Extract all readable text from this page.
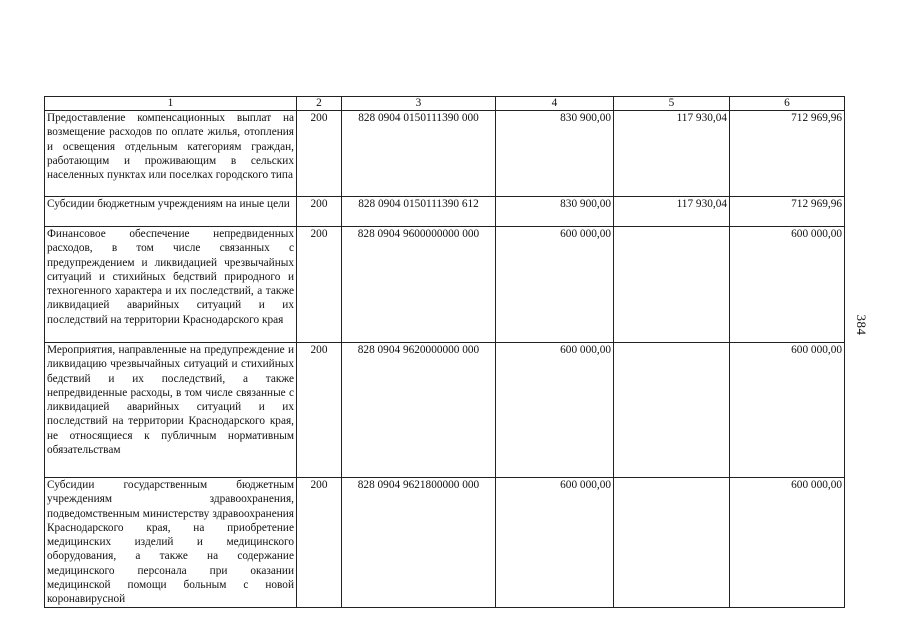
1	2	3	4	5	6
Предоставление компенсационных выплат на возмещение расходов по оплате жилья, отопления и освещения отдельным категориям граждан, работающим и проживающим в сельских населенных пунктах или поселках городского типа	200	828 0904 0150111390 000	830 900,00	117 930,04	712 969,96
Субсидии бюджетным учреждениям на иные цели	200	828 0904 0150111390 612	830 900,00	117 930,04	712 969,96
Финансовое обеспечение непредвиденных расходов, в том числе связанных с предупреждением и ликвидацией чрезвычайных ситуаций и стихийных бедствий природного и техногенного характера и их последствий, а также ликвидацией аварийных ситуаций и их последствий на территории Краснодарского края	200	828 0904 9600000000 000	600 000,00		600 000,00
Мероприятия, направленные на предупреждение и ликвидацию чрезвычайных ситуаций и стихийных бедствий и их последствий, а также непредвиденные расходы, в том числе связанные с ликвидацией аварийных ситуаций и их последствий на территории Краснодарского края, не относящиеся к публичным нормативным обязательствам	200	828 0904 9620000000 000	600 000,00		600 000,00
Субсидии государственным бюджетным учреждениям здравоохранения, подведомственным министерству здравоохранения Краснодарского края, на приобретение медицинских изделий и медицинского оборудования, а также на содержание медицинского персонала при оказании медицинской помощи больным с новой коронавирусной	200	828 0904 9621800000 000	600 000,00		600 000,00
384
